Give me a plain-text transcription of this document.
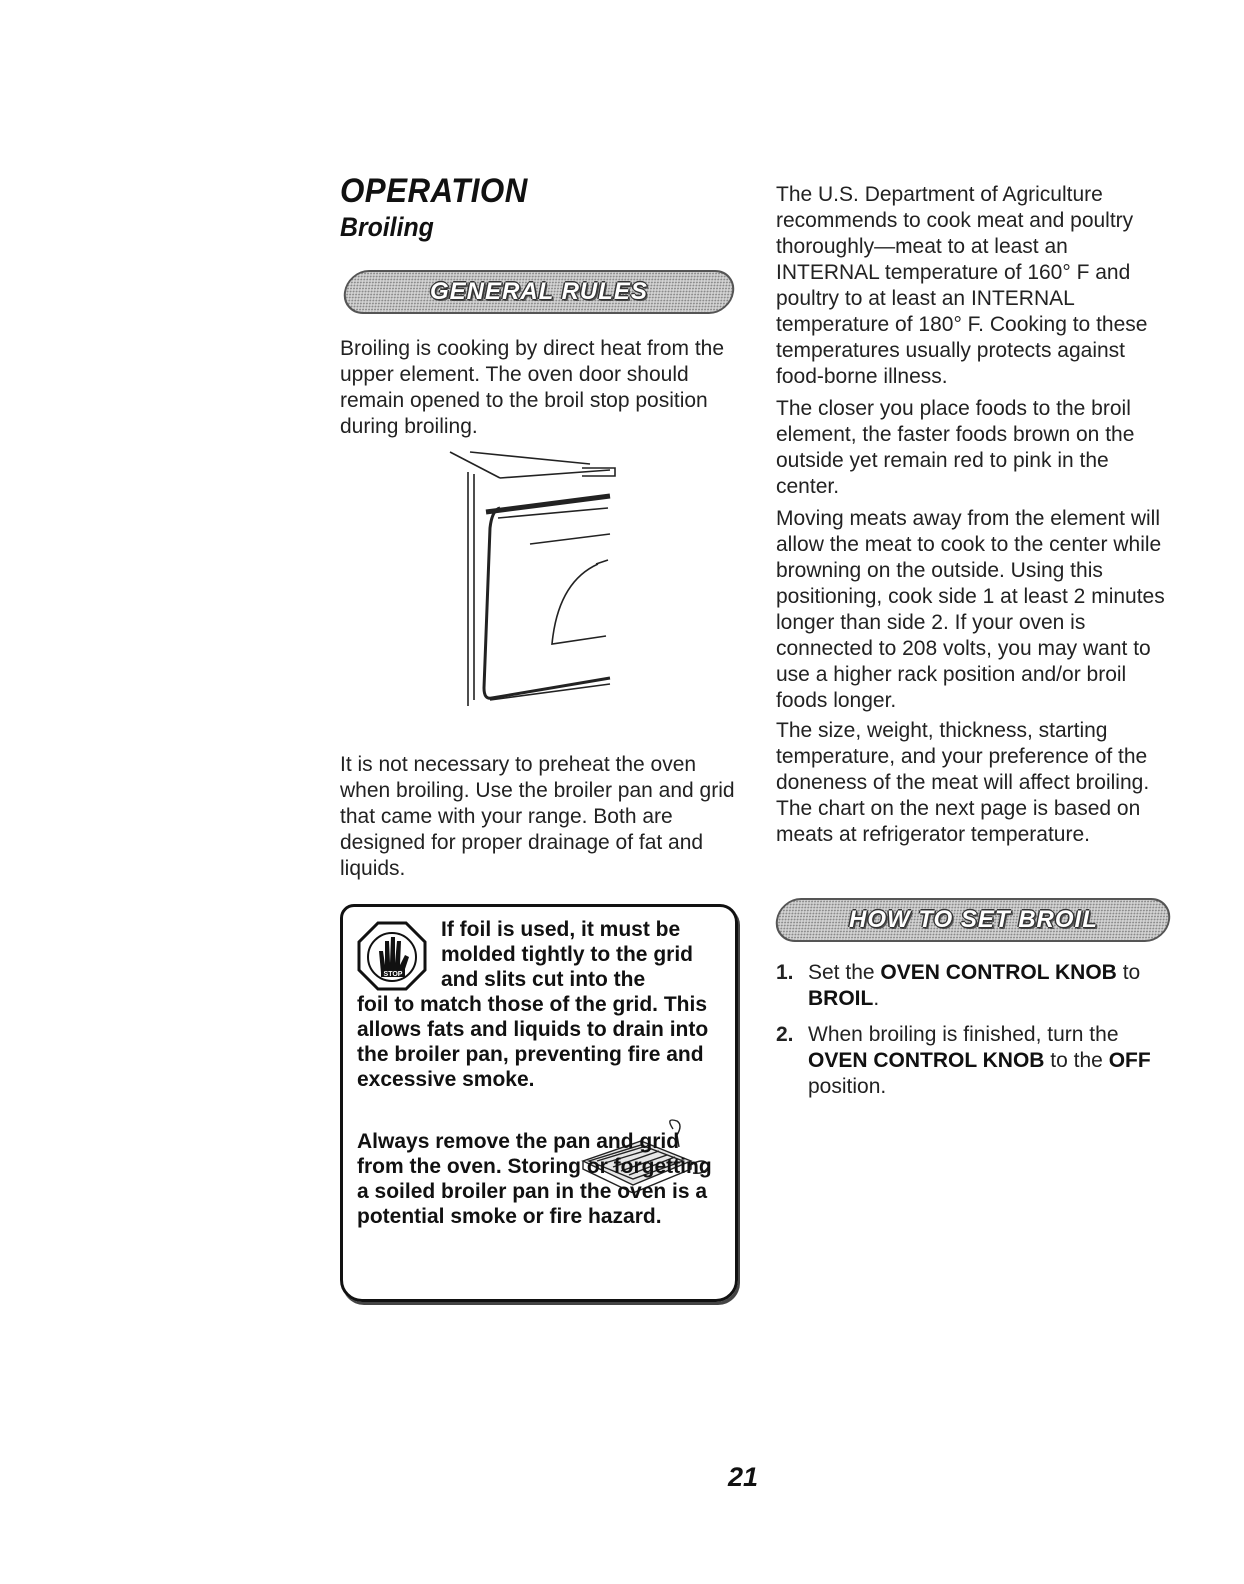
OPERATION
Broiling
GENERAL RULES

Broiling is cooking by direct heat from the upper element. The oven door should remain opened to the broil stop position during broiling.

It is not necessary to preheat the oven when broiling. Use the broiler pan and grid that came with your range. Both are designed for proper drainage of fat and liquids.

STOP

If foil is used, it must be molded tightly to the grid and slits cut into the
foil to match those of the grid. This allows fats and liquids to drain into the broiler pan, preventing fire and excessive smoke.

Always remove the pan and grid from the oven. Storing or forgetting a soiled broiler pan in the oven is a potential smoke or fire hazard.

The U.S. Department of Agriculture recommends to cook meat and poultry thoroughly—meat to at least an INTERNAL temperature of 160° F and poultry to at least an INTERNAL temperature of 180° F. Cooking to these temperatures usually protects against food-borne illness.

The closer you place foods to the broil element, the faster foods brown on the outside yet remain red to pink in the center.

Moving meats away from the element will allow the meat to cook to the center while browning on the outside. Using this positioning, cook side 1 at least 2 minutes longer than side 2. If your oven is connected to 208 volts, you may want to use a higher rack position and/or broil foods longer.

The size, weight, thickness, starting temperature, and your preference of the doneness of the meat will affect broiling. The chart on the next page is based on meats at refrigerator temperature.

HOW TO SET BROIL
1. Set the OVEN CONTROL KNOB to BROIL.
2. When broiling is finished, turn the OVEN CONTROL KNOB to the OFF position.
21
